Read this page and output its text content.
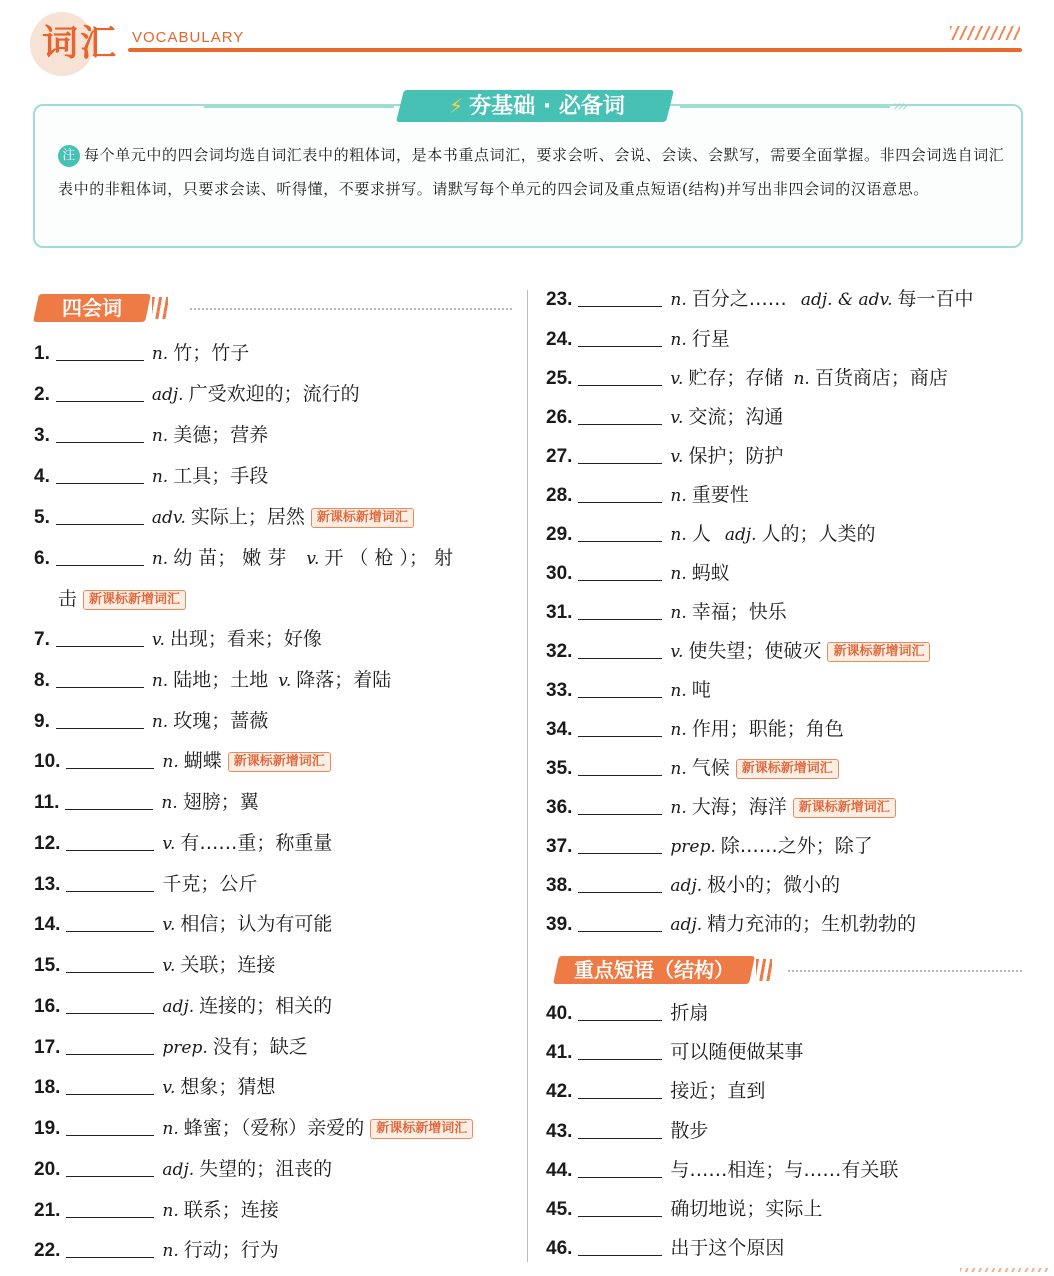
词汇 VOCABULARY
›››
⚡ 夯基础 · 必备词
注 每个单元中的四会词均选自词汇表中的粗体词，是本书重点词汇，要求会听、会说、会读、会默写，需要全面掌握。非四会词选自词汇表中的非粗体词，只要求会读、听得懂，不要求拼写。请默写每个单元的四会词及重点短语(结构)并写出非四会词的汉语意思。
四会词
重点短语（结构）
1.	n. 竹；竹子
2.	adj. 广受欢迎的；流行的
3.	n. 美德；营养
4.	n. 工具；手段
5.	adv. 实际上；居然 新课标新增词汇
6.	n. 幼 苗； 嫩 芽 v. 开 （ 枪 ）； 射
击 新课标新增词汇
7.	v. 出现；看来；好像
8.	n. 陆地；土地 v. 降落；着陆
9.	n. 玫瑰；蔷薇
10.	n. 蝴蝶 新课标新增词汇
11.	n. 翅膀；翼
12.	v. 有……重；称重量
13.	千克；公斤
14.	v. 相信；认为有可能
15.	v. 关联；连接
16.	adj. 连接的；相关的
17.	prep. 没有；缺乏
18.	v. 想象；猜想
19.	n. 蜂蜜；（爱称）亲爱的 新课标新增词汇
20.	adj. 失望的；沮丧的
21.	n. 联系；连接
22.	n. 行动；行为
23.	n. 百分之…… adj. & adv. 每一百中
24.	n. 行星
25.	v. 贮存；存储 n. 百货商店；商店
26.	v. 交流；沟通
27.	v. 保护；防护
28.	n. 重要性
29.	n. 人 adj. 人的；人类的
30.	n. 蚂蚁
31.	n. 幸福；快乐
32.	v. 使失望；使破灭 新课标新增词汇
33.	n. 吨
34.	n. 作用；职能；角色
35.	n. 气候 新课标新增词汇
36.	n. 大海；海洋 新课标新增词汇
37.	prep. 除……之外；除了
38.	adj. 极小的；微小的
39.	adj. 精力充沛的；生机勃勃的
40.	折扇
41.	可以随便做某事
42.	接近；直到
43.	散步
44.	与……相连；与……有关联
45.	确切地说；实际上
46.	出于这个原因
